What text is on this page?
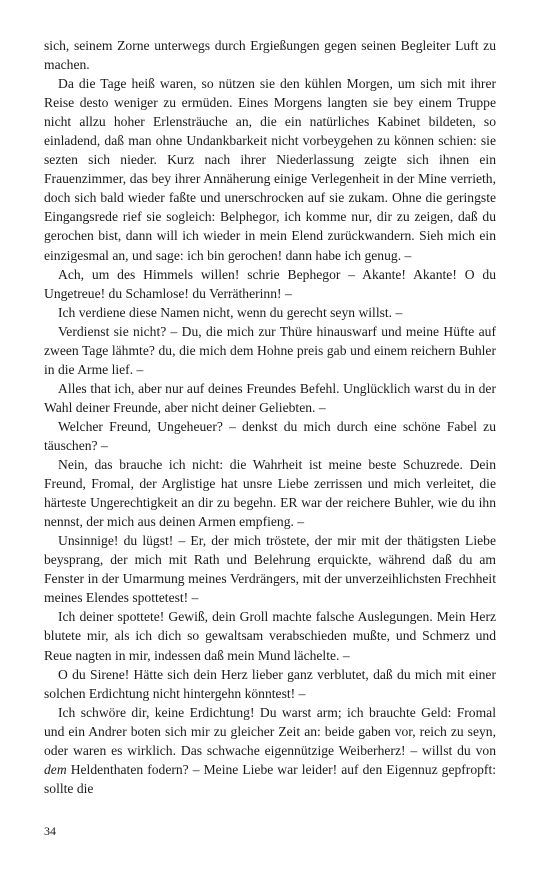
sich, seinem Zorne unterwegs durch Ergießungen gegen seinen Begleiter Luft zu machen.

Da die Tage heiß waren, so nützen sie den kühlen Morgen, um sich mit ihrer Reise desto weniger zu ermüden. Eines Morgens langten sie bey einem Truppe nicht allzu hoher Erlensträuche an, die ein natürliches Kabinet bildeten, so einladend, daß man ohne Undankbarkeit nicht vorbeygehen zu können schien: sie sezten sich nieder. Kurz nach ihrer Niederlassung zeigte sich ihnen ein Frauenzimmer, das bey ihrer Annäherung einige Verlegenheit in der Mine verrieth, doch sich bald wieder faßte und unerschrocken auf sie zukam. Ohne die geringste Eingangsrede rief sie sogleich: Belphegor, ich komme nur, dir zu zeigen, daß du gerochen bist, dann will ich wieder in mein Elend zurückwandern. Sieh mich ein einzigesmal an, und sage: ich bin gerochen! dann habe ich genug. –

Ach, um des Himmels willen! schrie Bephegor – Akante! Akante! O du Ungetreue! du Schamlose! du Verrätherinn! –

Ich verdiene diese Namen nicht, wenn du gerecht seyn willst. –

Verdienst sie nicht? – Du, die mich zur Thüre hinauswarf und meine Hüfte auf zween Tage lähmte? du, die mich dem Hohne preis gab und einem reichern Buhler in die Arme lief. –

Alles that ich, aber nur auf deines Freundes Befehl. Unglücklich warst du in der Wahl deiner Freunde, aber nicht deiner Geliebten. –

Welcher Freund, Ungeheuer? – denkst du mich durch eine schöne Fabel zu täuschen? –

Nein, das brauche ich nicht: die Wahrheit ist meine beste Schuzrede. Dein Freund, Fromal, der Arglistige hat unsre Liebe zerrissen und mich verleitet, die härteste Ungerechtigkeit an dir zu begehn. ER war der reichere Buhler, wie du ihn nennst, der mich aus deinen Armen empfieng. –

Unsinnige! du lügst! – Er, der mich tröstete, der mir mit der thätigsten Liebe beysprang, der mich mit Rath und Belehrung erquickte, während daß du am Fenster in der Umarmung meines Verdrängers, mit der unverzeihlichsten Frechheit meines Elendes spottetest! –

Ich deiner spottete! Gewiß, dein Groll machte falsche Auslegungen. Mein Herz blutete mir, als ich dich so gewaltsam verabschieden mußte, und Schmerz und Reue nagten in mir, indessen daß mein Mund lächelte. –

O du Sirene! Hätte sich dein Herz lieber ganz verblutet, daß du mich mit einer solchen Erdichtung nicht hintergehn könntest! –

Ich schwöre dir, keine Erdichtung! Du warst arm; ich brauchte Geld: Fromal und ein Andrer boten sich mir zu gleicher Zeit an: beide gaben vor, reich zu seyn, oder waren es wirklich. Das schwache eigennützige Weiberherz! – willst du von dem Heldenthaten fodern? – Meine Liebe war leider! auf den Eigennuz gepfropft: sollte die

34
